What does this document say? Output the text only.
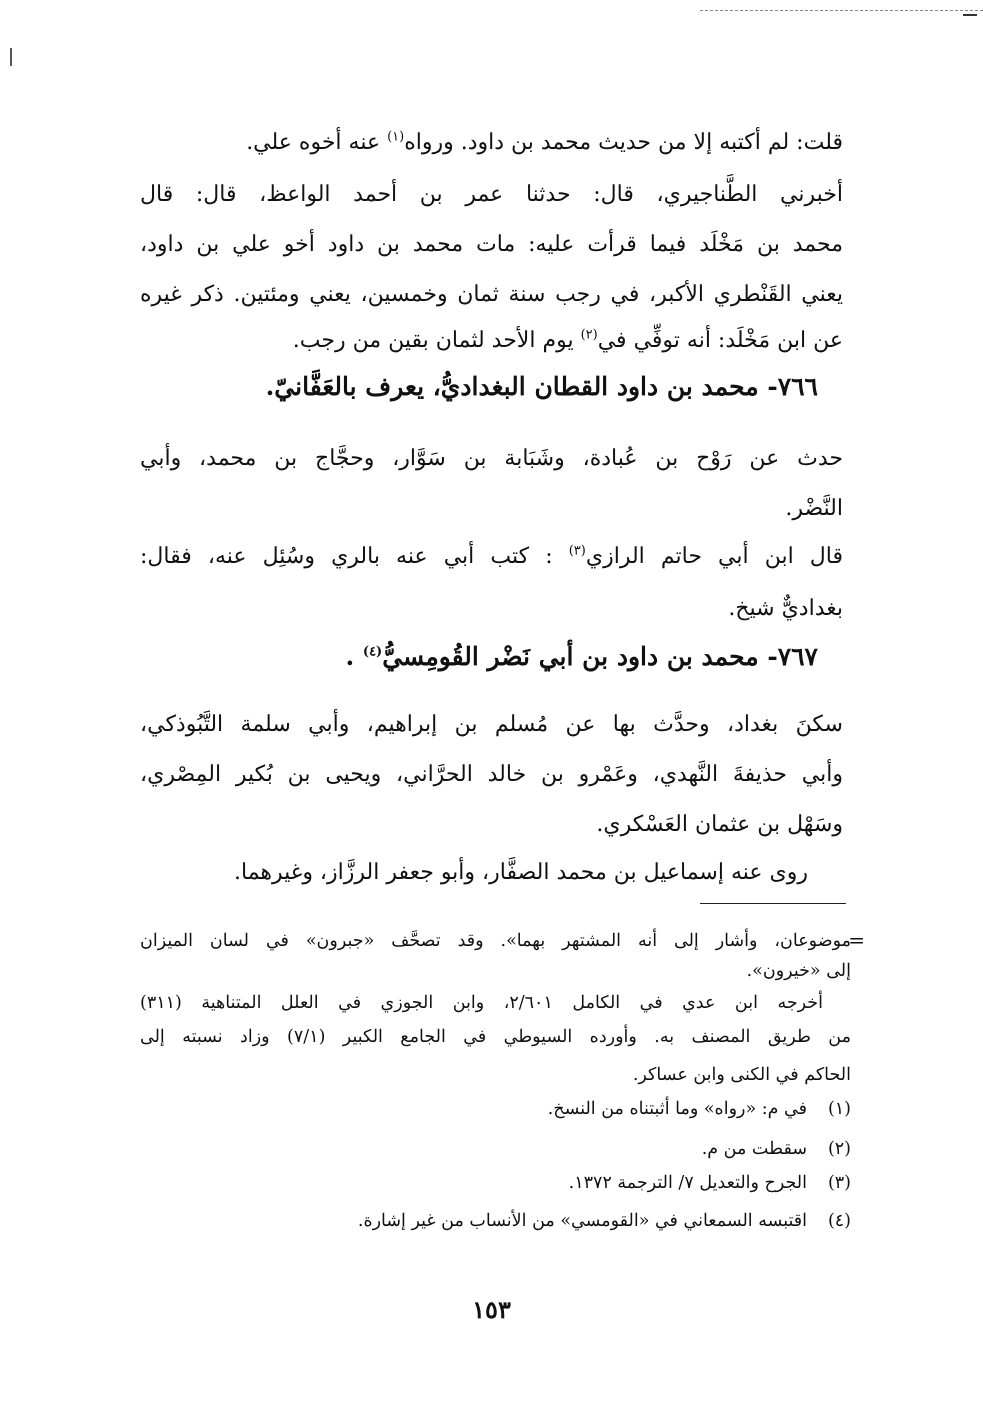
قلت: لم أكتبه إلا من حديث محمد بن داود. ورواه$^{(١)}$ عنه أخوه علي.
أخبرني الطَّناجيري، قال: حدثنا عمر بن أحمد الواعظ، قال: قال
محمد بن مَخْلَد فيما قرأت عليه: مات محمد بن داود أخو علي بن داود،
يعني القَنْطري الأكبر، في رجب سنة ثمان وخمسين، يعني ومئتين. ذكر غيره
عن ابن مَخْلَد: أنه توفِّي في$^{(٢)}$ يوم الأحد لثمان بقين من رجب.
٧٦٦- محمد بن داود القطان البغداديُّ، يعرف بالعَفَّانيّ.
حدث عن رَوْح بن عُبادة، وشَبَابة بن سَوَّار، وحجَّاج بن محمد، وأبي
النَّضْر.
قال ابن أبي حاتم الرازي$^{(٣)}$ : كتب أبي عنه بالري وسُئِل عنه، فقال:
بغداديٌّ شيخ.
٧٦٧- محمد بن داود بن أبي نَضْر القُومِسيُّ$^{(٤)}$ .
سكنَ بغداد، وحدَّث بها عن مُسلم بن إبراهيم، وأبي سلمة التَّبُوذكي،
وأبي حذيفةَ النَّهدي، وعَمْرو بن خالد الحرَّاني، ويحيى بن بُكير المِصْري،
وسَهْل بن عثمان العَسْكري.
روى عنه إسماعيل بن محمد الصفَّار، وأبو جعفر الرزَّاز، وغيرهما.
=
موضوعان، وأشار إلى أنه المشتهر بهما». وقد تصحَّف «جبرون» في لسان الميزان
إلى «خيرون».
أخرجه ابن عدي في الكامل ٢/٦٠١، وابن الجوزي في العلل المتناهية (٣١١)
من طريق المصنف به. وأورده السيوطي في الجامع الكبير (٧/١) وزاد نسبته إلى
الحاكم في الكنى وابن عساكر.
(١)
في م: «رواه» وما أثبتناه من النسخ.
(٢)
سقطت من م.
(٣)
الجرح والتعديل ٧/ الترجمة ١٣٧٢.
(٤)
اقتبسه السمعاني في «القومسي» من الأنساب من غير إشارة.
١٥٣
